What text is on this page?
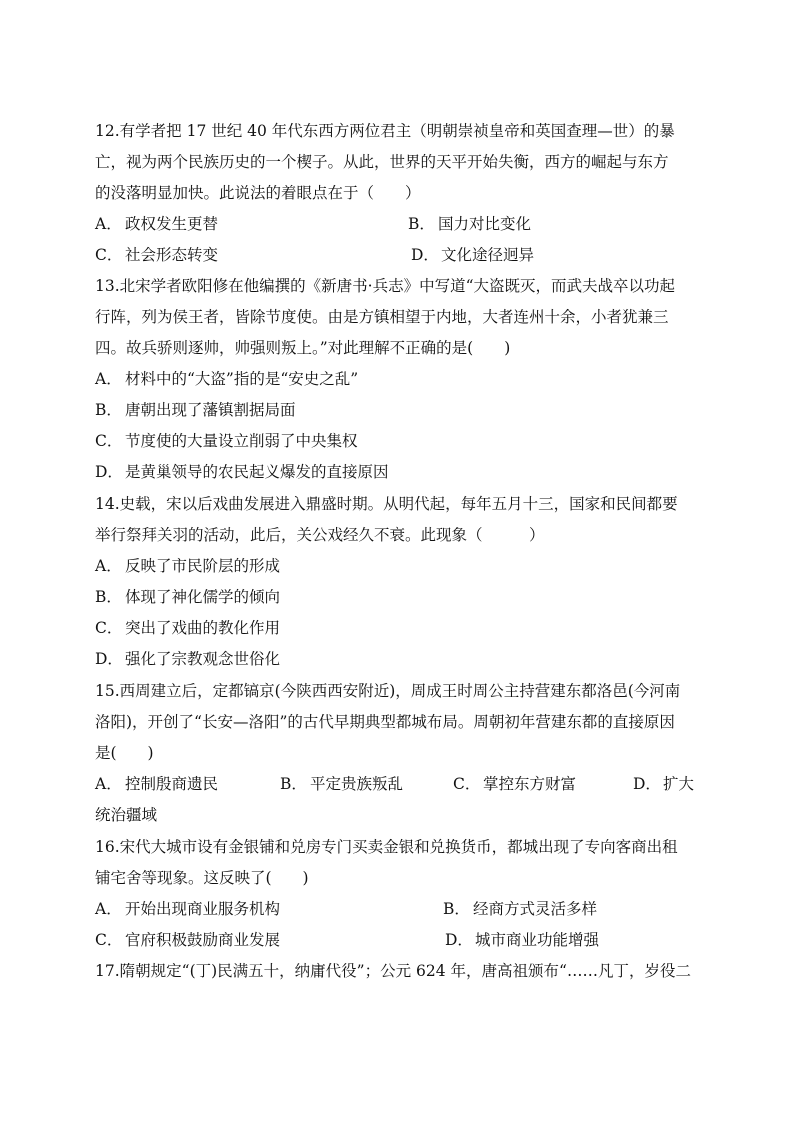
12.有学者把 17 世纪 40 年代东西方两位君主（明朝崇祯皇帝和英国查理—世）的暴
亡，视为两个民族历史的一个楔子。从此，世界的天平开始失衡，西方的崛起与东方
的没落明显加快。此说法的着眼点在于（　　）
A． 政权发生更替	B． 国力对比变化
C． 社会形态转变	D． 文化途径迥异
13.北宋学者欧阳修在他编撰的《新唐书·兵志》中写道“大盗既灭，而武夫战卒以功起
行阵，列为侯王者，皆除节度使。由是方镇相望于内地，大者连州十余，小者犹兼三
四。故兵骄则逐帅，帅强则叛上。”对此理解不正确的是(　　)
A． 材料中的“大盗”指的是“安史之乱”
B． 唐朝出现了藩镇割据局面
C． 节度使的大量设立削弱了中央集权
D． 是黄巢领导的农民起义爆发的直接原因
14.史载，宋以后戏曲发展进入鼎盛时期。从明代起，每年五月十三，国家和民间都要
举行祭拜关羽的活动，此后，关公戏经久不衰。此现象（　　　）
A． 反映了市民阶层的形成
B． 体现了神化儒学的倾向
C． 突出了戏曲的教化作用
D． 强化了宗教观念世俗化
15.西周建立后，定都镐京(今陕西西安附近)，周成王时周公主持营建东都洛邑(今河南
洛阳)，开创了“长安—洛阳”的古代早期典型都城布局。周朝初年营建东都的直接原因
是(　　)
A． 控制殷商遗民	B． 平定贵族叛乱	C． 掌控东方财富	D． 扩大
统治疆域
16.宋代大城市设有金银铺和兑房专门买卖金银和兑换货币，都城出现了专向客商出租
铺宅舍等现象。这反映了(　　)
A． 开始出现商业服务机构	B． 经商方式灵活多样
C． 官府积极鼓励商业发展	D． 城市商业功能增强
17.隋朝规定“(丁)民满五十，纳庸代役”；公元 624 年，唐高祖颁布“……凡丁，岁役二
